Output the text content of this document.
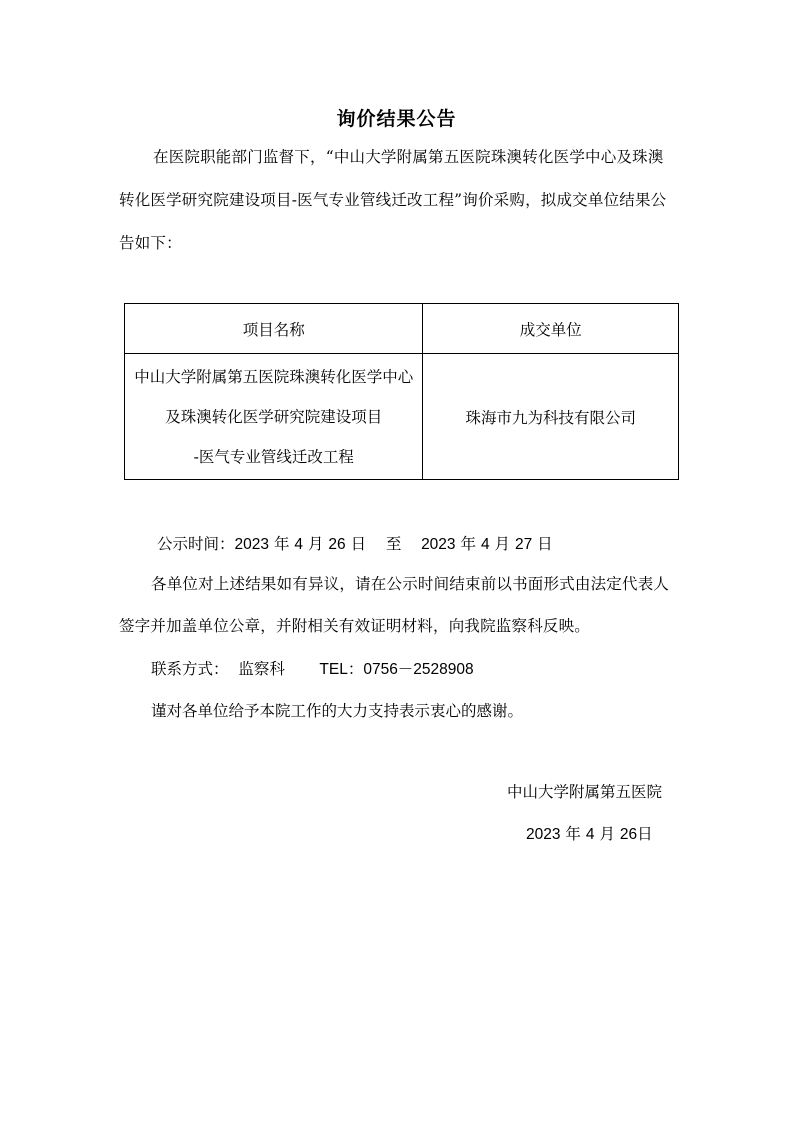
询价结果公告
在医院职能部门监督下，“中山大学附属第五医院珠澳转化医学中心及珠澳转化医学研究院建设项目-医气专业管线迁改工程”询价采购，拟成交单位结果公告如下：
项目名称	成交单位

中山大学附属第五医院珠澳转化医学中心
及珠澳转化医学研究院建设项目
-医气专业管线迁改工程	珠海市九为科技有限公司
公示时间：2023 年 4 月 26 日 至 2023 年 4 月 27 日
各单位对上述结果如有异议，请在公示时间结束前以书面形式由法定代表人签字并加盖单位公章，并附相关有效证明材料，向我院监察科反映。
联系方式： 监察科 TEL：0756－2528908
谨对各单位给予本院工作的大力支持表示衷心的感谢。
中山大学附属第五医院
2023 年 4 月 26日
